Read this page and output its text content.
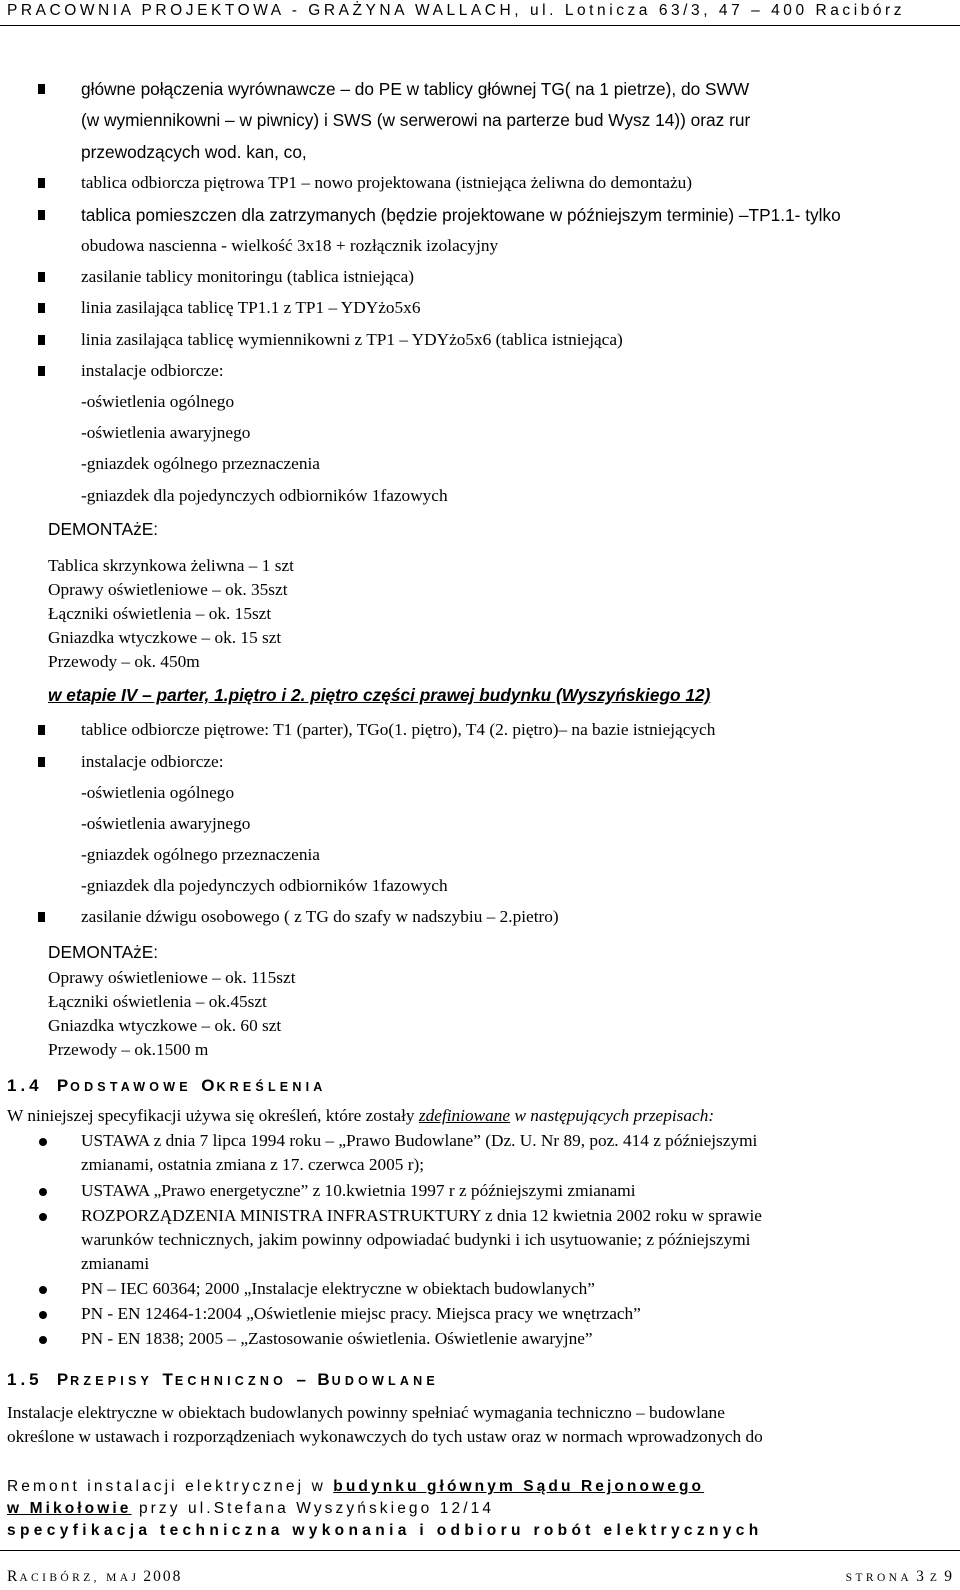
PRACOWNIA PROJEKTOWA - GRAŻYNA WALLACH, ul. Lotnicza 63/3, 47 – 400 Racibórz
główne połączenia wyrównawcze – do PE w tablicy głównej TG( na 1 pietrze), do SWW
(w wymiennikowni – w piwnicy) i SWS (w serwerowi na parterze bud Wysz 14)) oraz rur
przewodzących wod. kan, co,
tablica odbiorcza piętrowa TP1 – nowo projektowana (istniejąca żeliwna do demontażu)
tablica pomieszczen dla zatrzymanych (będzie projektowane w późniejszym terminie) –TP1.1- tylko
obudowa nascienna - wielkość 3x18 + rozłącznik izolacyjny
zasilanie tablicy monitoringu (tablica istniejąca)
linia zasilająca tablicę TP1.1 z TP1 – YDYżo5x6
linia zasilająca tablicę wymiennikowni z TP1 – YDYżo5x6 (tablica istniejąca)
instalacje odbiorcze:
-oświetlenia ogólnego
-oświetlenia awaryjnego
-gniazdek ogólnego przeznaczenia
-gniazdek dla pojedynczych odbiorników 1fazowych
DEMONTAżE:
Tablica skrzynkowa żeliwna – 1 szt
Oprawy oświetleniowe – ok. 35szt
Łączniki oświetlenia – ok. 15szt
Gniazdka wtyczkowe – ok. 15 szt
Przewody – ok. 450m
w etapie IV – parter, 1.piętro i 2. piętro części prawej budynku (Wyszyńskiego 12)
tablice odbiorcze piętrowe: T1 (parter), TGo(1. piętro), T4 (2. piętro)– na bazie istniejących
instalacje odbiorcze:
-oświetlenia ogólnego
-oświetlenia awaryjnego
-gniazdek ogólnego przeznaczenia
-gniazdek dla pojedynczych odbiorników 1fazowych
zasilanie dźwigu osobowego ( z TG do szafy w nadszybiu – 2.pietro)
DEMONTAżE:
Oprawy oświetleniowe – ok. 115szt
Łączniki oświetlenia – ok.45szt
Gniazdka wtyczkowe – ok. 60 szt
Przewody – ok.1500 m
1.4 PODSTAWOWE OKREŚLENIA
W niniejszej specyfikacji używa się określeń, które zostały zdefiniowane w następujących przepisach:
USTAWA z dnia 7 lipca 1994 roku – „Prawo Budowlane” (Dz. U. Nr 89, poz. 414 z późniejszymi
zmianami, ostatnia zmiana z 17. czerwca 2005 r);
USTAWA „Prawo energetyczne” z 10.kwietnia 1997 r z późniejszymi zmianami
ROZPORZĄDZENIA MINISTRA INFRASTRUKTURY z dnia 12 kwietnia 2002 roku w sprawie
warunków technicznych, jakim powinny odpowiadać budynki i ich usytuowanie; z późniejszymi
zmianami
PN – IEC 60364; 2000 „Instalacje elektryczne w obiektach budowlanych”
PN - EN 12464-1:2004 „Oświetlenie miejsc pracy. Miejsca pracy we wnętrzach”
PN - EN 1838; 2005 – „Zastosowanie oświetlenia. Oświetlenie awaryjne”
1.5 PRZEPISY TECHNICZNO – BUDOWLANE
Instalacje elektryczne w obiektach budowlanych powinny spełniać wymagania techniczno – budowlane
określone w ustawach i rozporządzeniach wykonawczych do tych ustaw oraz w normach wprowadzonych do
Remont instalacji elektrycznej w budynku głównym Sądu Rejonowego
w Mikołowie przy ul.Stefana Wyszyńskiego 12/14
specyfikacja techniczna wykonania i odbioru robót elektrycznych
RACIBÓRZ, MAJ 2008	STRONA 3 Z 9
